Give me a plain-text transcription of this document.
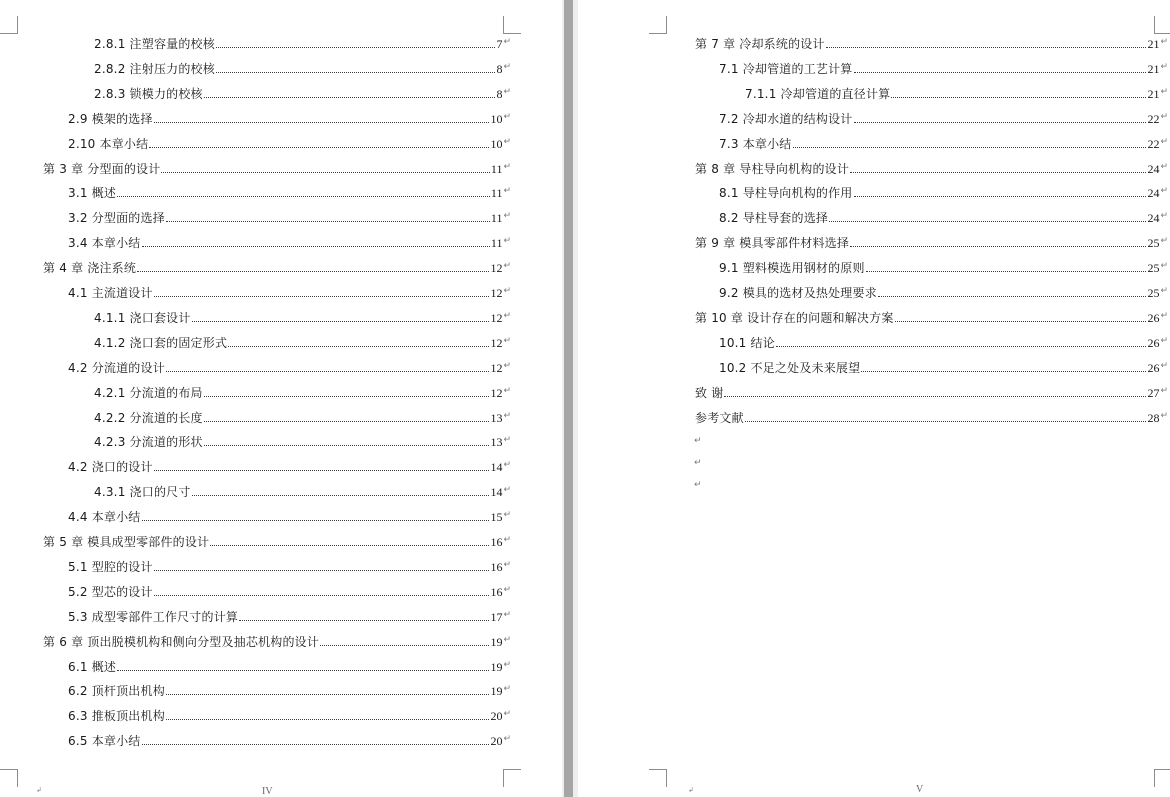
2.8.1 注塑容量的校核	7 ↵
2.8.2 注射压力的校核	8 ↵
2.8.3 锁模力的校核	8 ↵
2.9 模架的选择	10 ↵
2.10 本章小结	10 ↵
第 3 章 分型面的设计	11 ↵
3.1 概述	11 ↵
3.2 分型面的选择	11 ↵
3.4 本章小结	11 ↵
第 4 章 浇注系统	12 ↵
4.1 主流道设计	12 ↵
4.1.1 浇口套设计	12 ↵
4.1.2 浇口套的固定形式	12 ↵
4.2 分流道的设计	12 ↵
4.2.1 分流道的布局	12 ↵
4.2.2 分流道的长度	13 ↵
4.2.3 分流道的形状	13 ↵
4.2 浇口的设计	14 ↵
4.3.1 浇口的尺寸	14 ↵
4.4 本章小结	15 ↵
第 5 章 模具成型零部件的设计	16 ↵
5.1 型腔的设计	16 ↵
5.2 型芯的设计	16 ↵
5.3 成型零部件工作尺寸的计算	17 ↵
第 6 章 顶出脱模机构和侧向分型及抽芯机构的设计	19 ↵
6.1 概述	19 ↵
6.2 顶杆顶出机构	19 ↵
6.3 推板顶出机构	20 ↵
6.5 本章小结	20 ↵
↲	IV
第 7 章 冷却系统的设计	21 ↵
7.1 冷却管道的工艺计算	21 ↵
7.1.1 冷却管道的直径计算	21 ↵
7.2 冷却水道的结构设计	22 ↵
7.3 本章小结	22 ↵
第 8 章 导柱导向机构的设计	24 ↵
8.1 导柱导向机构的作用	24 ↵
8.2 导柱导套的选择	24 ↵
第 9 章 模具零部件材料选择	25 ↵
9.1 塑料模选用钢材的原则	25 ↵
9.2 模具的选材及热处理要求	25 ↵
第 10 章 设计存在的问题和解决方案	26 ↵
10.1 结论	26 ↵
10.2 不足之处及未来展望	26 ↵
致 谢	27 ↵
参考文献	28 ↵
↵
↵
↵
↲	V
